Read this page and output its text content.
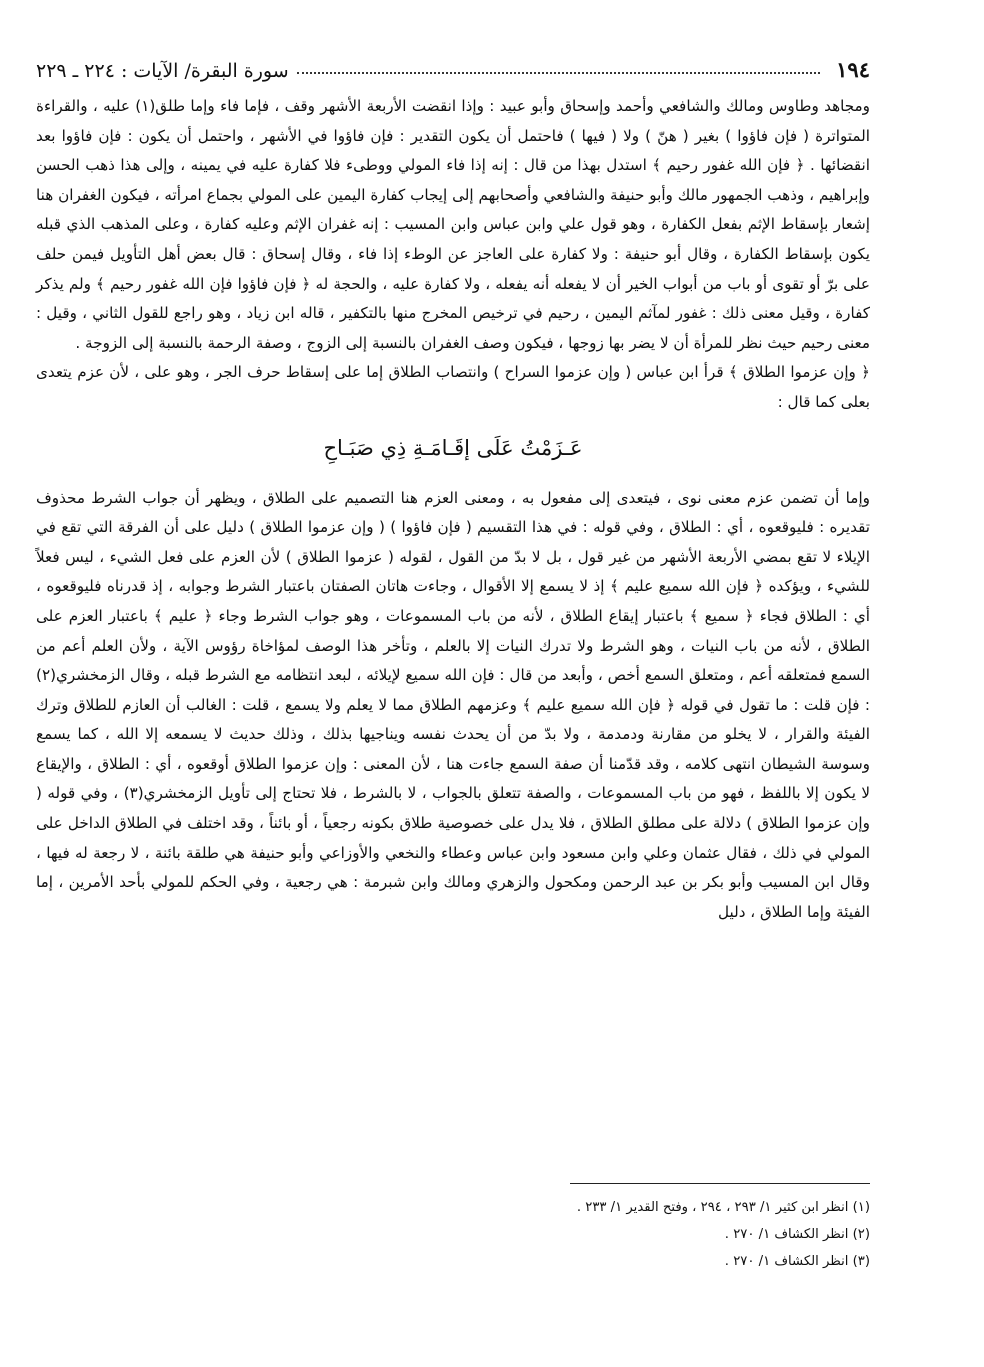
١٩٤
سورة البقرة/ الآيات : ٢٢٤ ـ ٢٢٩

ومجاهد وطاوس ومالك والشافعي وأحمد وإسحاق وأبو عبيد : وإذا انقضت الأربعة الأشهر وقف ، فإما فاء وإما طلق(١) عليه ، والقراءة المتواترة ( فإن فاؤوا ) بغير ( هنّ ) ولا ( فيها ) فاحتمل أن يكون التقدير : فإن فاؤوا في الأشهر ، واحتمل أن يكون : فإن فاؤوا بعد انقضائها . ﴿ فإن الله غفور رحيم ﴾ استدل بهذا من قال : إنه إذا فاء المولي ووطىء فلا كفارة عليه في يمينه ، وإلى هذا ذهب الحسن وإبراهيم ، وذهب الجمهور مالك وأبو حنيفة والشافعي وأصحابهم إلى إيجاب كفارة اليمين على المولي بجماع امرأته ، فيكون الغفران هنا إشعار بإسقاط الإثم بفعل الكفارة ، وهو قول علي وابن عباس وابن المسيب : إنه غفران الإثم وعليه كفارة ، وعلى المذهب الذي قبله يكون بإسقاط الكفارة ، وقال أبو حنيفة : ولا كفارة على العاجز عن الوطء إذا فاء ، وقال إسحاق : قال بعض أهل التأويل فيمن حلف على برّ أو تقوى أو باب من أبواب الخير أن لا يفعله أنه يفعله ، ولا كفارة عليه ، والحجة له ﴿ فإن فاؤوا فإن الله غفور رحيم ﴾ ولم يذكر كفارة ، وقيل معنى ذلك : غفور لمآثم اليمين ، رحيم في ترخيص المخرج منها بالتكفير ، قاله ابن زياد ، وهو راجع للقول الثاني ، وقيل : معنى رحيم حيث نظر للمرأة أن لا يضر بها زوجها ، فيكون وصف الغفران بالنسبة إلى الزوج ، وصفة الرحمة بالنسبة إلى الزوجة .

﴿ وإن عزموا الطلاق ﴾ قرأ ابن عباس ( وإن عزموا السراح ) وانتصاب الطلاق إما على إسقاط حرف الجر ، وهو على ، لأن عزم يتعدى بعلى كما قال :

عَـزَمْتُ عَلَى إقَـامَـةِ ذِي صَبَـاحِ

وإما أن تضمن عزم معنى نوى ، فيتعدى إلى مفعول به ، ومعنى العزم هنا التصميم على الطلاق ، ويظهر أن جواب الشرط محذوف تقديره : فليوقعوه ، أي : الطلاق ، وفي قوله : في هذا التقسيم ( فإن فاؤوا ) ( وإن عزموا الطلاق ) دليل على أن الفرقة التي تقع في الإيلاء لا تقع بمضي الأربعة الأشهر من غير قول ، بل لا بدّ من القول ، لقوله ( عزموا الطلاق ) لأن العزم على فعل الشيء ، ليس فعلاً للشيء ، ويؤكده ﴿ فإن الله سميع عليم ﴾ إذ لا يسمع إلا الأقوال ، وجاءت هاتان الصفتان باعتبار الشرط وجوابه ، إذ قدرناه فليوقعوه ، أي : الطلاق فجاء ﴿ سميع ﴾ باعتبار إيقاع الطلاق ، لأنه من باب المسموعات ، وهو جواب الشرط وجاء ﴿ عليم ﴾ باعتبار العزم على الطلاق ، لأنه من باب النيات ، وهو الشرط ولا تدرك النيات إلا بالعلم ، وتأخر هذا الوصف لمؤاخاة رؤوس الآية ، ولأن العلم أعم من السمع فمتعلقه أعم ، ومتعلق السمع أخص ، وأبعد من قال : فإن الله سميع لإيلائه ، لبعد انتظامه مع الشرط قبله ، وقال الزمخشري(٢) : فإن قلت : ما تقول في قوله ﴿ فإن الله سميع عليم ﴾ وعزمهم الطلاق مما لا يعلم ولا يسمع ، قلت : الغالب أن العازم للطلاق وترك الفيئة والقرار ، لا يخلو من مقارنة ودمدمة ، ولا بدّ من أن يحدث نفسه ويناجيها بذلك ، وذلك حديث لا يسمعه إلا الله ، كما يسمع وسوسة الشيطان انتهى كلامه ، وقد قدّمنا أن صفة السمع جاءت هنا ، لأن المعنى : وإن عزموا الطلاق أوقعوه ، أي : الطلاق ، والإيقاع لا يكون إلا باللفظ ، فهو من باب المسموعات ، والصفة تتعلق بالجواب ، لا بالشرط ، فلا تحتاج إلى تأويل الزمخشري(٣) ، وفي قوله ( وإن عزموا الطلاق ) دلالة على مطلق الطلاق ، فلا يدل على خصوصية طلاق بكونه رجعياً ، أو بائناً ، وقد اختلف في الطلاق الداخل على المولي في ذلك ، فقال عثمان وعلي وابن مسعود وابن عباس وعطاء والنخعي والأوزاعي وأبو حنيفة هي طلقة بائنة ، لا رجعة له فيها ، وقال ابن المسيب وأبو بكر بن عبد الرحمن ومكحول والزهري ومالك وابن شبرمة : هي رجعية ، وفي الحكم للمولي بأحد الأمرين ، إما الفيئة وإما الطلاق ، دليل

(١) انظر ابن كثير ١/ ٢٩٣ ، ٢٩٤ ، وفتح القدير ١/ ٢٣٣ .
(٢) انظر الكشاف ١/ ٢٧٠ .
(٣) انظر الكشاف ١/ ٢٧٠ .
